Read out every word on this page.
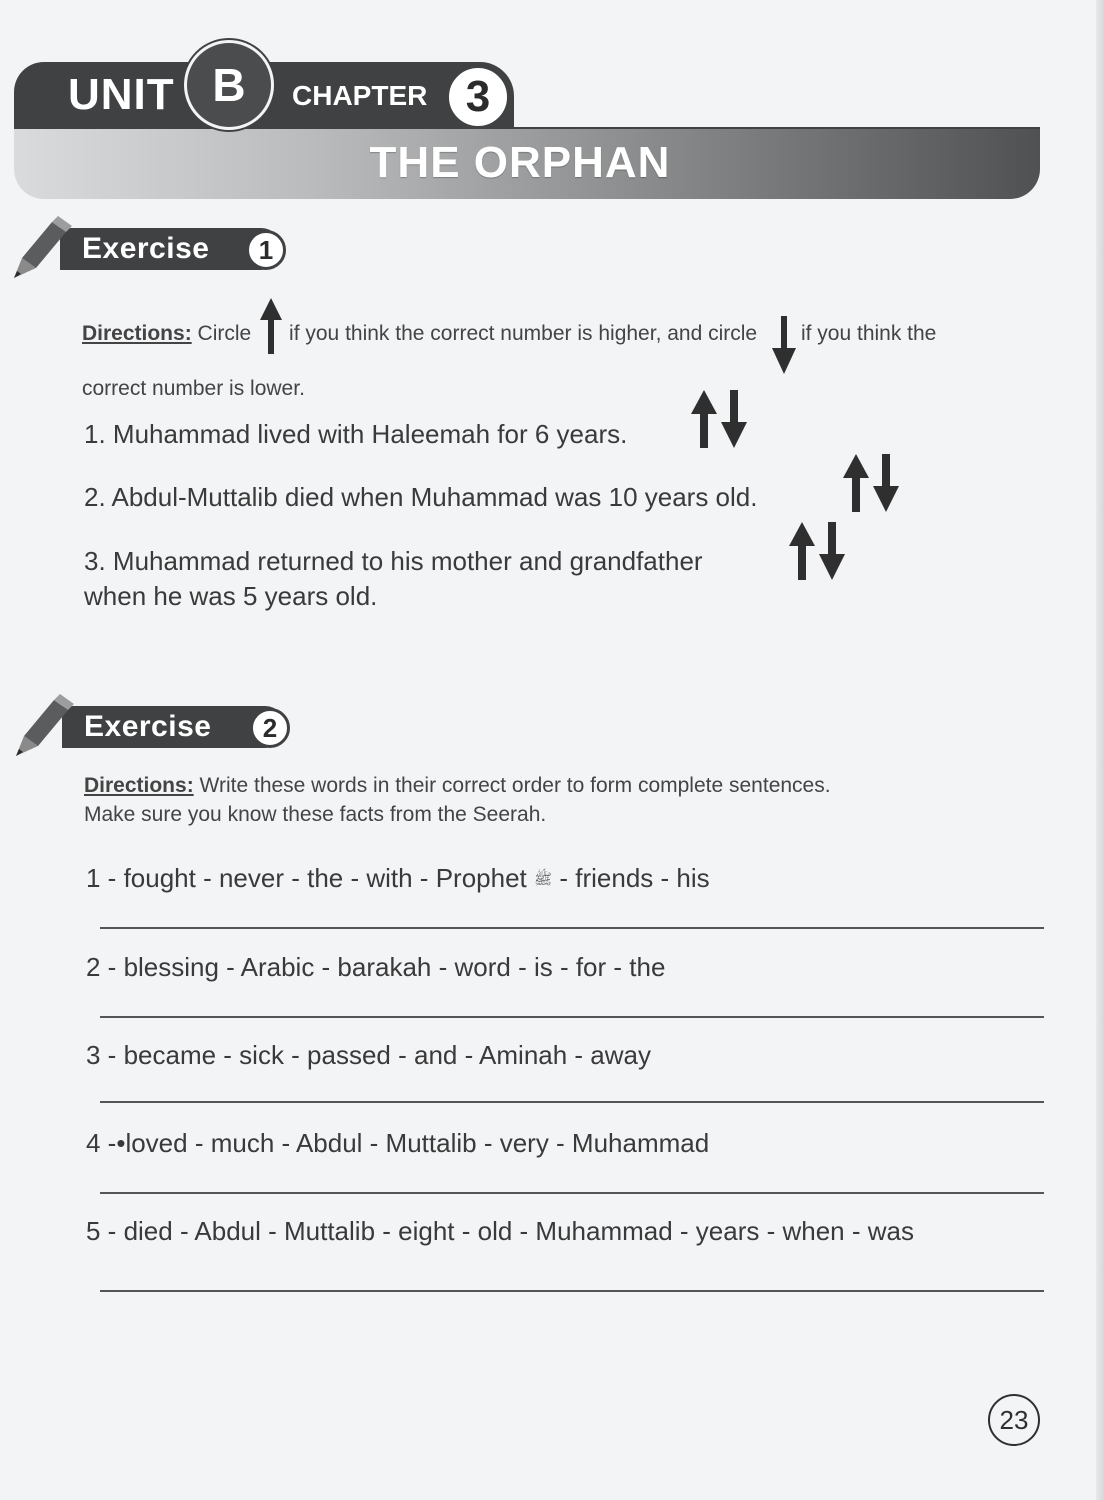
UNIT B	CHAPTER 3
THE ORPHAN
Exercise	1
Directions: Circle if you think the correct number is higher, and circle if you think the
correct number is lower.
1. Muhammad lived with Haleemah for 6 years.
2. Abdul-Muttalib died when Muhammad was 10 years old.
3. Muhammad returned to his mother and grandfather
when he was 5 years old.
Exercise	2
Directions: Write these words in their correct order to form complete sentences.
Make sure you know these facts from the Seerah.
1 - fought - never - the - with - Prophet ﷺ - friends - his
2 - blessing - Arabic - barakah - word - is - for - the
3 - became - sick - passed - and - Aminah - away
4 -•loved - much - Abdul - Muttalib - very - Muhammad
5 - died - Abdul - Muttalib - eight - old - Muhammad - years - when - was
23
